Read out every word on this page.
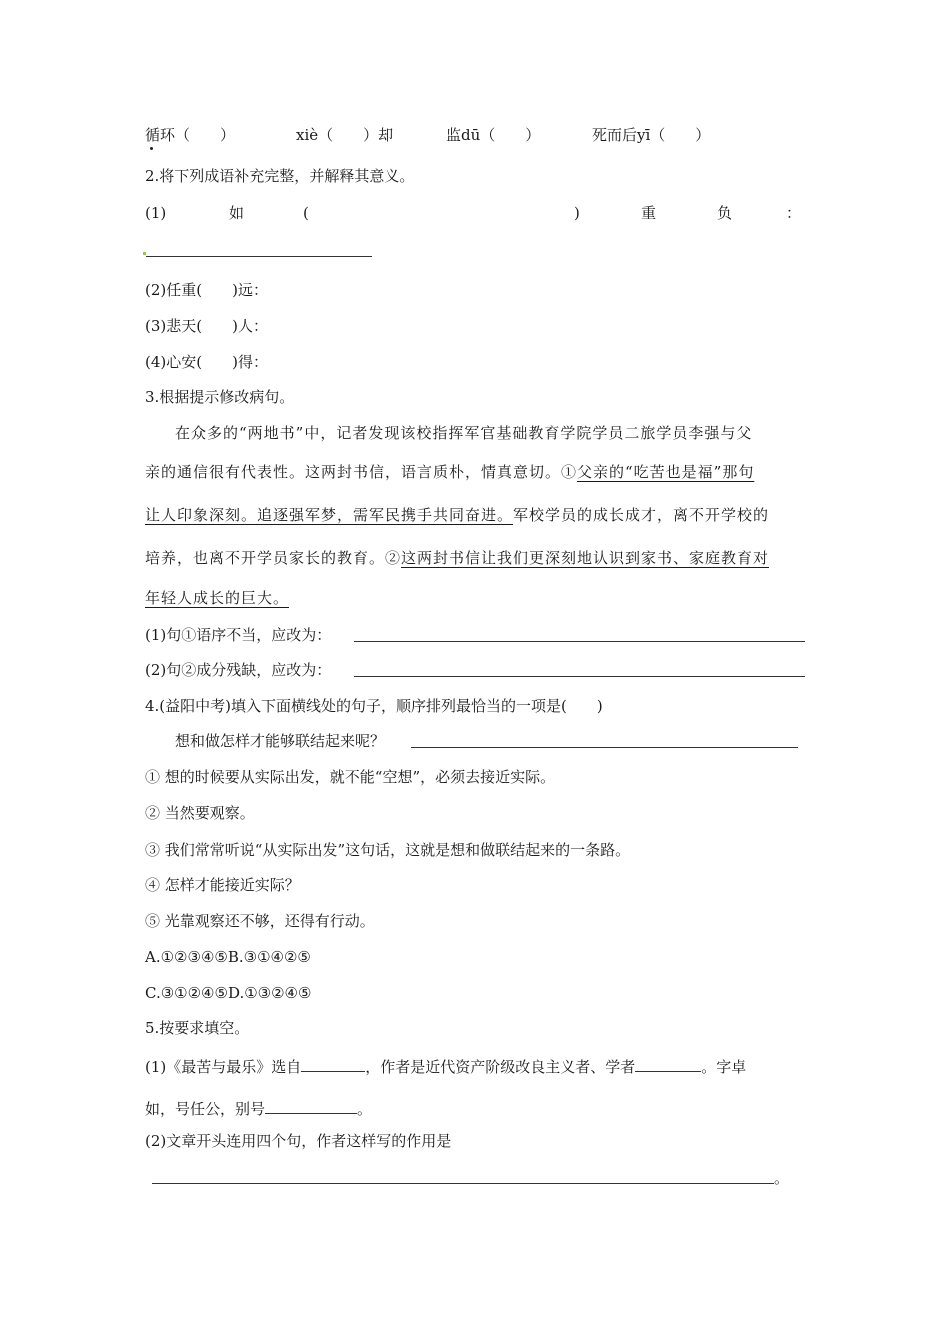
循环（　　）	xiè（　　）却	监dū（　　）	死而后yī（　　）
2.将下列成语补充完整，并解释其意义。
(1)	如	(	)	重	负	：
(2)任重(　　)远：
(3)悲天(　　)人：
(4)心安(　　)得：
3.根据提示修改病句。
在众多的“两地书”中，记者发现该校指挥军官基础教育学院学员二旅学员李强与父
亲的通信很有代表性。这两封书信，语言质朴，情真意切。①父亲的“吃苦也是福”那句
让人印象深刻。追逐强军梦，需军民携手共同奋进。军校学员的成长成才，离不开学校的
培养，也离不开学员家长的教育。②这两封书信让我们更深刻地认识到家书、家庭教育对
年轻人成长的巨大。
(1)句①语序不当，应改为：
(2)句②成分残缺，应改为：
4.(益阳中考)填入下面横线处的句子，顺序排列最恰当的一项是(　　)
想和做怎样才能够联结起来呢？
① 想的时候要从实际出发，就不能“空想”，必须去接近实际。
② 当然要观察。
③ 我们常常听说“从实际出发”这句话，这就是想和做联结起来的一条路。
④ 怎样才能接近实际？
⑤ 光靠观察还不够，还得有行动。
A.①②③④⑤B.③①④②⑤
C.③①②④⑤D.①③②④⑤
5.按要求填空。
(1)《最苦与最乐》选自	，作者是近代资产阶级改良主义者、学者	。字卓
如，号任公，别号	。
(2)文章开头连用四个句，作者这样写的作用是
。
